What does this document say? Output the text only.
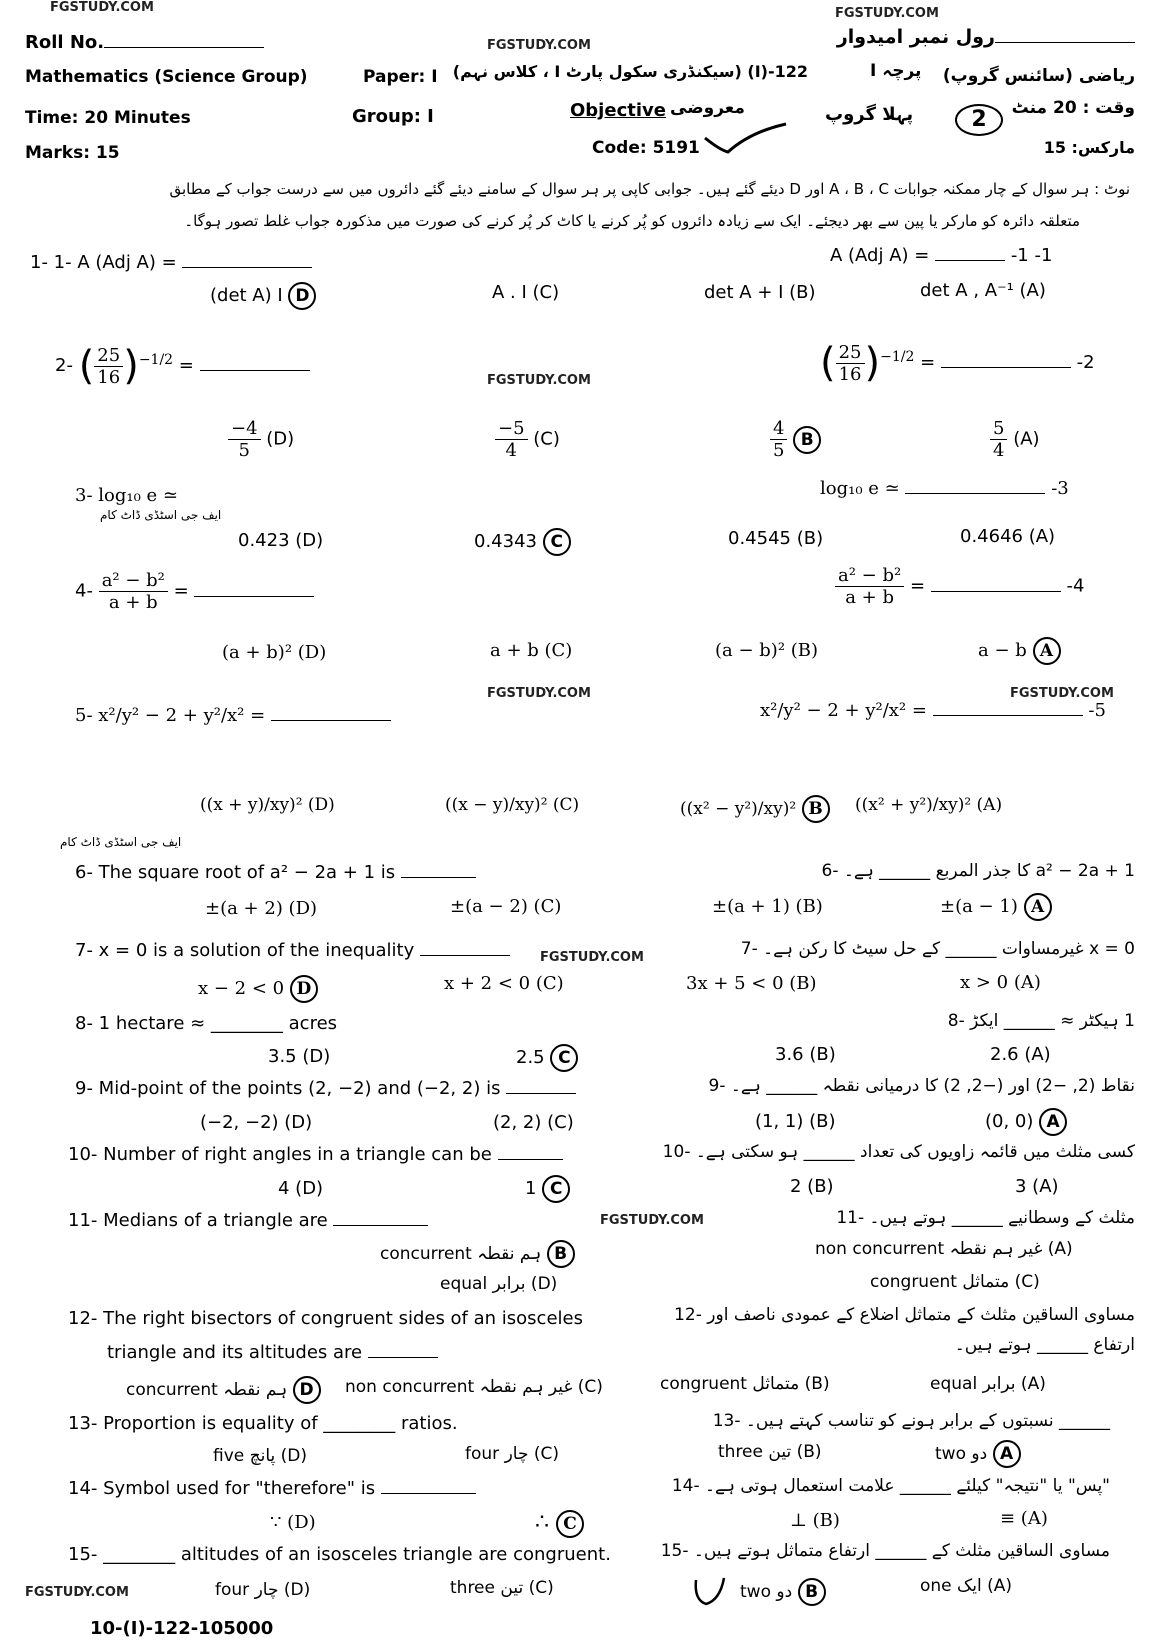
FGSTUDY.COM	FGSTUDY.COM
FGSTUDY.COM
FGSTUDY.COM
FGSTUDY.COM	FGSTUDY.COM
FGSTUDY.COM
FGSTUDY.COM
FGSTUDY.COM
Roll No.
Mathematics (Science Group)	Paper: I
Time: 20 Minutes	Group: I
Marks: 15
122-(I) (سیکنڈری سکول پارٹ I ، کلاس نہم)
Objective معروضی
Code: 5191
رول نمبر امیدوار
ریاضی (سائنس گروپ)
پرچہ I
وقت : 20 منٹ
پہلا گروپ	2
مارکس: 15
نوٹ : ہر سوال کے چار ممکنہ جوابات A ، B ، C اور D دیئے گئے ہیں۔ جوابی کاپی پر ہر سوال کے سامنے دیئے گئے دائروں میں سے درست جواب کے مطابق
متعلقہ دائرہ کو مارکر یا پین سے بھر دیجئے۔ ایک سے زیادہ دائروں کو پُر کرنے یا کاٹ کر پُر کرنے کی صورت میں مذکورہ جواب غلط تصور ہوگا۔
1- 1- A (Adj A) =	A (Adj A) =	-1 -1
(det A) I D	A . I (C)	det A + I (B)	det A , A⁻¹ (A)
2- ( $\frac{25}{16} )^{-1/2}$ =	( $\frac{25}{16} )^{-1/2}$ =	-2
$\frac{-4}{5} (D)$	$\frac{-5}{4} (C)$	$\frac{4}{5}$ B	$\frac{5}{4} (A)$
3- log₁₀ e ≃
ایف جی اسٹڈی ڈاٹ کام
log₁₀ e ≃	-3
0.423 (D)	0.4343 C	0.4545 (B)	0.4646 (A)
$4- \frac{\text{a² − b²}}{a + b}$ =	$\frac{\text{a² − b²}}{a + b}$ =	-4
(a + b)² (D)	a + b (C)	(a − b)² (B)	a − b A
5- x²/y² − 2 + y²/x² =	x²/y² − 2 + y²/x² =	-5
((x + y)/xy)² (D)	((x − y)/xy)² (C)	((x² − y²)/xy)² B	((x² + y²)/xy)² (A)
ایف جی اسٹڈی ڈاٹ کام
6- The square root of a² − 2a + 1 is	a² − 2a + 1 کا جذر المربع ______ ہے۔ -6
±(a + 2) (D)	±(a − 2) (C)	±(a + 1) (B)	±(a − 1) A
7- x = 0 is a solution of the inequality	x = 0 غیرمساوات ______ کے حل سیٹ کا رکن ہے۔ -7
x − 2 < 0 D	x + 2 < 0 (C)	3x + 5 < 0 (B)	x > 0 (A)
8- 1 hectare ≈ ________ acres	1 ہیکٹر ≈ ______ ایکڑ -8
3.5 (D)	2.5 C	3.6 (B)	2.6 (A)
9- Mid-point of the points (2, −2) and (−2, 2) is	نقاط (2, −2) اور (−2, 2) کا درمیانی نقطہ ______ ہے۔ -9
(−2, −2) (D)	(2, 2) (C)	(1, 1) (B)	(0, 0) A
10- Number of right angles in a triangle can be	کسی مثلث میں قائمہ زاویوں کی تعداد ______ ہو سکتی ہے۔ -10
4 (D)	1 C	2 (B)	3 (A)
11- Medians of a triangle are	مثلث کے وسطانیے ______ ہوتے ہیں۔ -11
concurrent ہم نقطہ B	non concurrent غیر ہم نقطہ (A)
equal برابر (D)	congruent متماثل (C)
12- The right bisectors of congruent sides of an isosceles
triangle and its altitudes are
مساوی الساقین مثلث کے متماثل اضلاع کے عمودی ناصف اور -12
ارتفاع ______ ہوتے ہیں۔
concurrent ہم نقطہ D	non concurrent غیر ہم نقطہ (C)	congruent متماثل (B)	equal برابر (A)
13- Proportion is equality of ________ ratios.	______ نسبتوں کے برابر ہونے کو تناسب کہتے ہیں۔ -13
five پانچ (D)	four چار (C)	three تین (B)	two دو A
14- Symbol used for "therefore" is	"پس" یا "نتیجہ" کیلئے ______ علامت استعمال ہوتی ہے۔ -14
∵ (D)	∴ C	⊥ (B)	≡ (A)
15- ________ altitudes of an isosceles triangle are congruent.	مساوی الساقین مثلث کے ______ ارتفاع متماثل ہوتے ہیں۔ -15
four چار (D)	three تین (C)	two دو B	one ایک (A)
10-(I)-122-105000
